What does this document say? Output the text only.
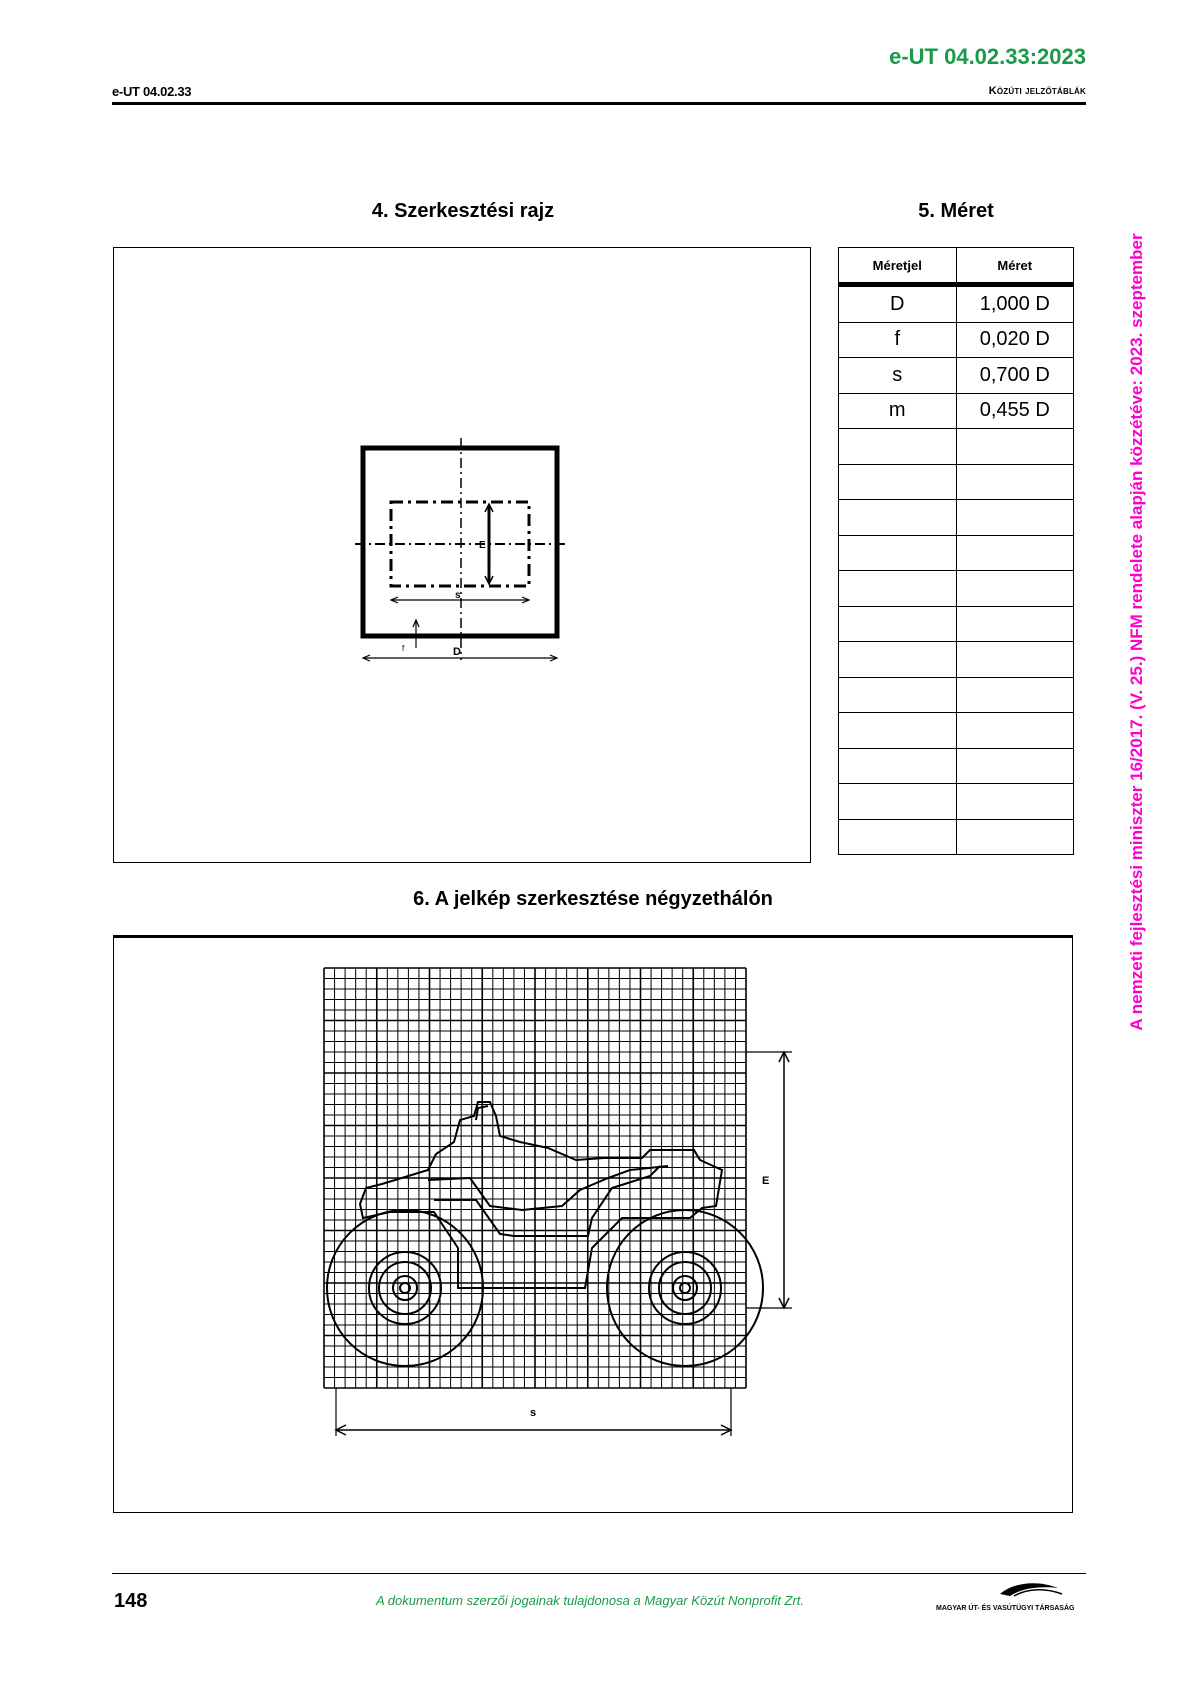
e-UT 04.02.33:2023
e-UT 04.02.33	Közúti jelzőtáblák
4. Szerkesztési rajz	5. Méret
E
s
f	D
Méretjel	Méret
D	1,000 D
f	0,020 D
s	0,700 D
m	0,455 D

6. A jelkép szerkesztése négyzethálón
E
s
A nemzeti fejlesztési miniszter 16/2017. (V. 25.) NFM rendelete alapján közzétéve: 2023. szeptember
148	A dokumentum szerzői jogainak tulajdonosa a Magyar Közút Nonprofit Zrt.
MAGYAR ÚT- ÉS VASÚTÜGYI TÁRSASÁG
